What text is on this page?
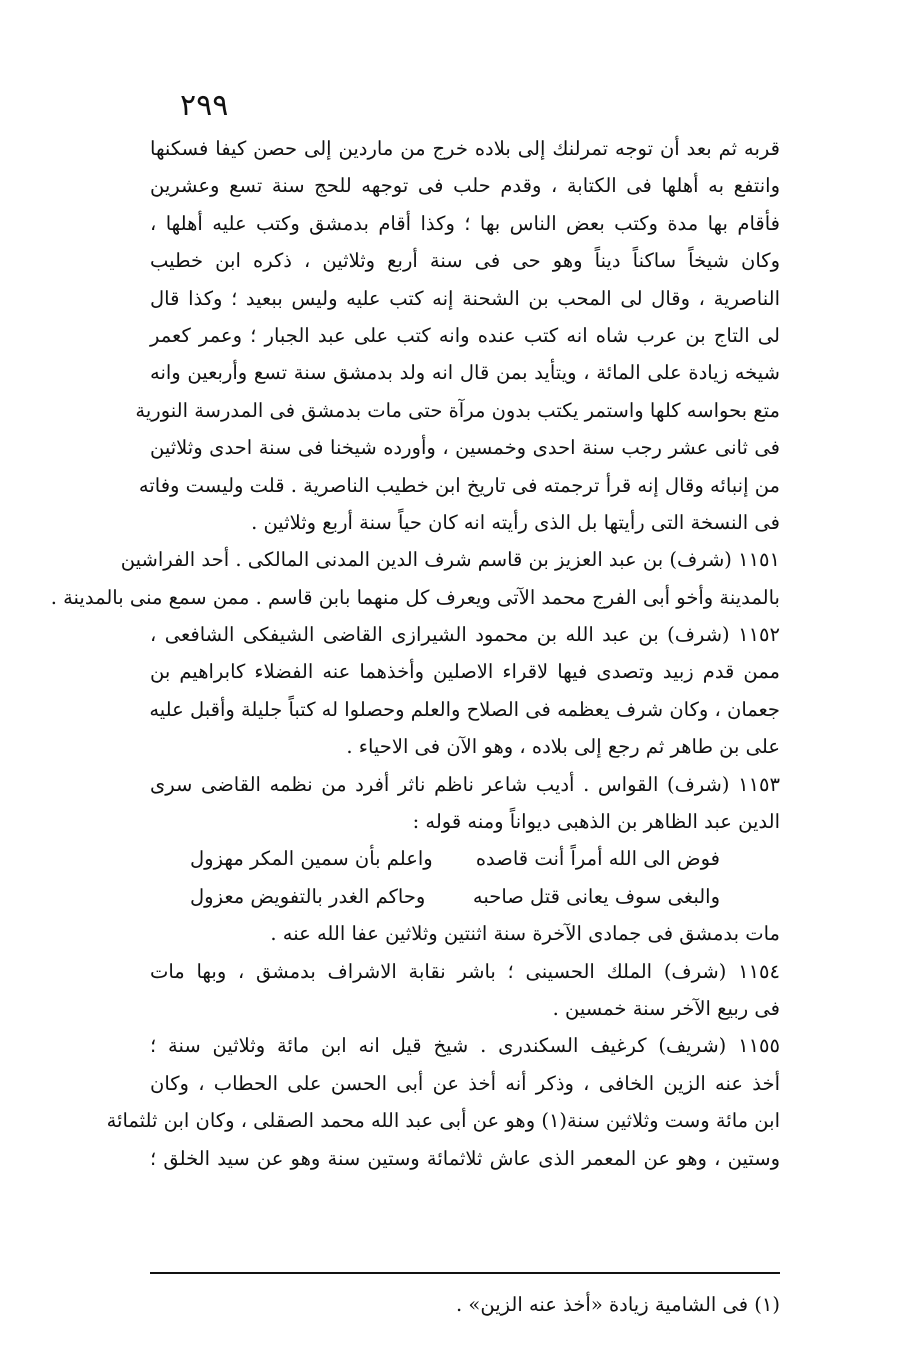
٢٩٩
قربه ثم بعد أن توجه تمرلنك إلى بلاده خرج من ماردين إلى حصن كيفا فسكنها
وانتفع به أهلها فى الكتابة ، وقدم حلب فى توجهه للحج سنة تسع وعشرين
فأقام بها مدة وكتب بعض الناس بها ؛ وكذا أقام بدمشق وكتب عليه أهلها ،
وكان شيخاً ساكناً ديناً وهو حى فى سنة أربع وثلاثين ، ذكره ابن خطيب
الناصرية ، وقال لى المحب بن الشحنة إنه كتب عليه وليس ببعيد ؛ وكذا قال
لى التاج بن عرب شاه انه كتب عنده وانه كتب على عبد الجبار ؛ وعمر كعمر
شيخه زيادة على المائة ، ويتأيد بمن قال انه ولد بدمشق سنة تسع وأربعين وانه
متع بحواسه كلها واستمر يكتب بدون مرآة حتى مات بدمشق فى المدرسة النورية
فى ثانى عشر رجب سنة احدى وخمسين ، وأورده شيخنا فى سنة احدى وثلاثين
من إنبائه وقال إنه قرأ ترجمته فى تاريخ ابن خطيب الناصرية . قلت وليست وفاته
فى النسخة التى رأيتها بل الذى رأيته انه كان حياً سنة أربع وثلاثين .
١١٥١ (شرف) بن عبد العزيز بن قاسم شرف الدين المدنى المالكى . أحد الفراشين
بالمدينة وأخو أبى الفرج محمد الآتى ويعرف كل منهما بابن قاسم . ممن سمع منى بالمدينة .
١١٥٢ (شرف) بن عبد الله بن محمود الشيرازى القاضى الشيفكى الشافعى ،
ممن قدم زبيد وتصدى فيها لاقراء الاصلين وأخذهما عنه الفضلاء كابراهيم بن
جعمان ، وكان شرف يعظمه فى الصلاح والعلم وحصلوا له كتباً جليلة وأقبل عليه
على بن طاهر ثم رجع إلى بلاده ، وهو الآن فى الاحياء .
١١٥٣ (شرف) القواس . أديب شاعر ناظم ناثر أفرد من نظمه القاضى سرى
الدين عبد الظاهر بن الذهبى ديواناً ومنه قوله :
فوض الى الله أمراً أنت قاصده
واعلم بأن سمين المكر مهزول
والبغى سوف يعانى قتل صاحبه
وحاكم الغدر بالتفويض معزول
مات بدمشق فى جمادى الآخرة سنة اثنتين وثلاثين عفا الله عنه .
١١٥٤ (شرف) الملك الحسينى ؛ باشر نقابة الاشراف بدمشق ، وبها مات
فى ربيع الآخر سنة خمسين .
١١٥٥ (شريف) كرغيف السكندرى . شيخ قيل انه ابن مائة وثلاثين سنة ؛
أخذ عنه الزين الخافى ، وذكر أنه أخذ عن أبى الحسن على الحطاب ، وكان
ابن مائة وست وثلاثين سنة(١) وهو عن أبى عبد الله محمد الصقلى ، وكان ابن ثلثمائة
وستين ، وهو عن المعمر الذى عاش ثلاثمائة وستين سنة وهو عن سيد الخلق ؛
(١) فى الشامية زيادة «أخذ عنه الزين» .
